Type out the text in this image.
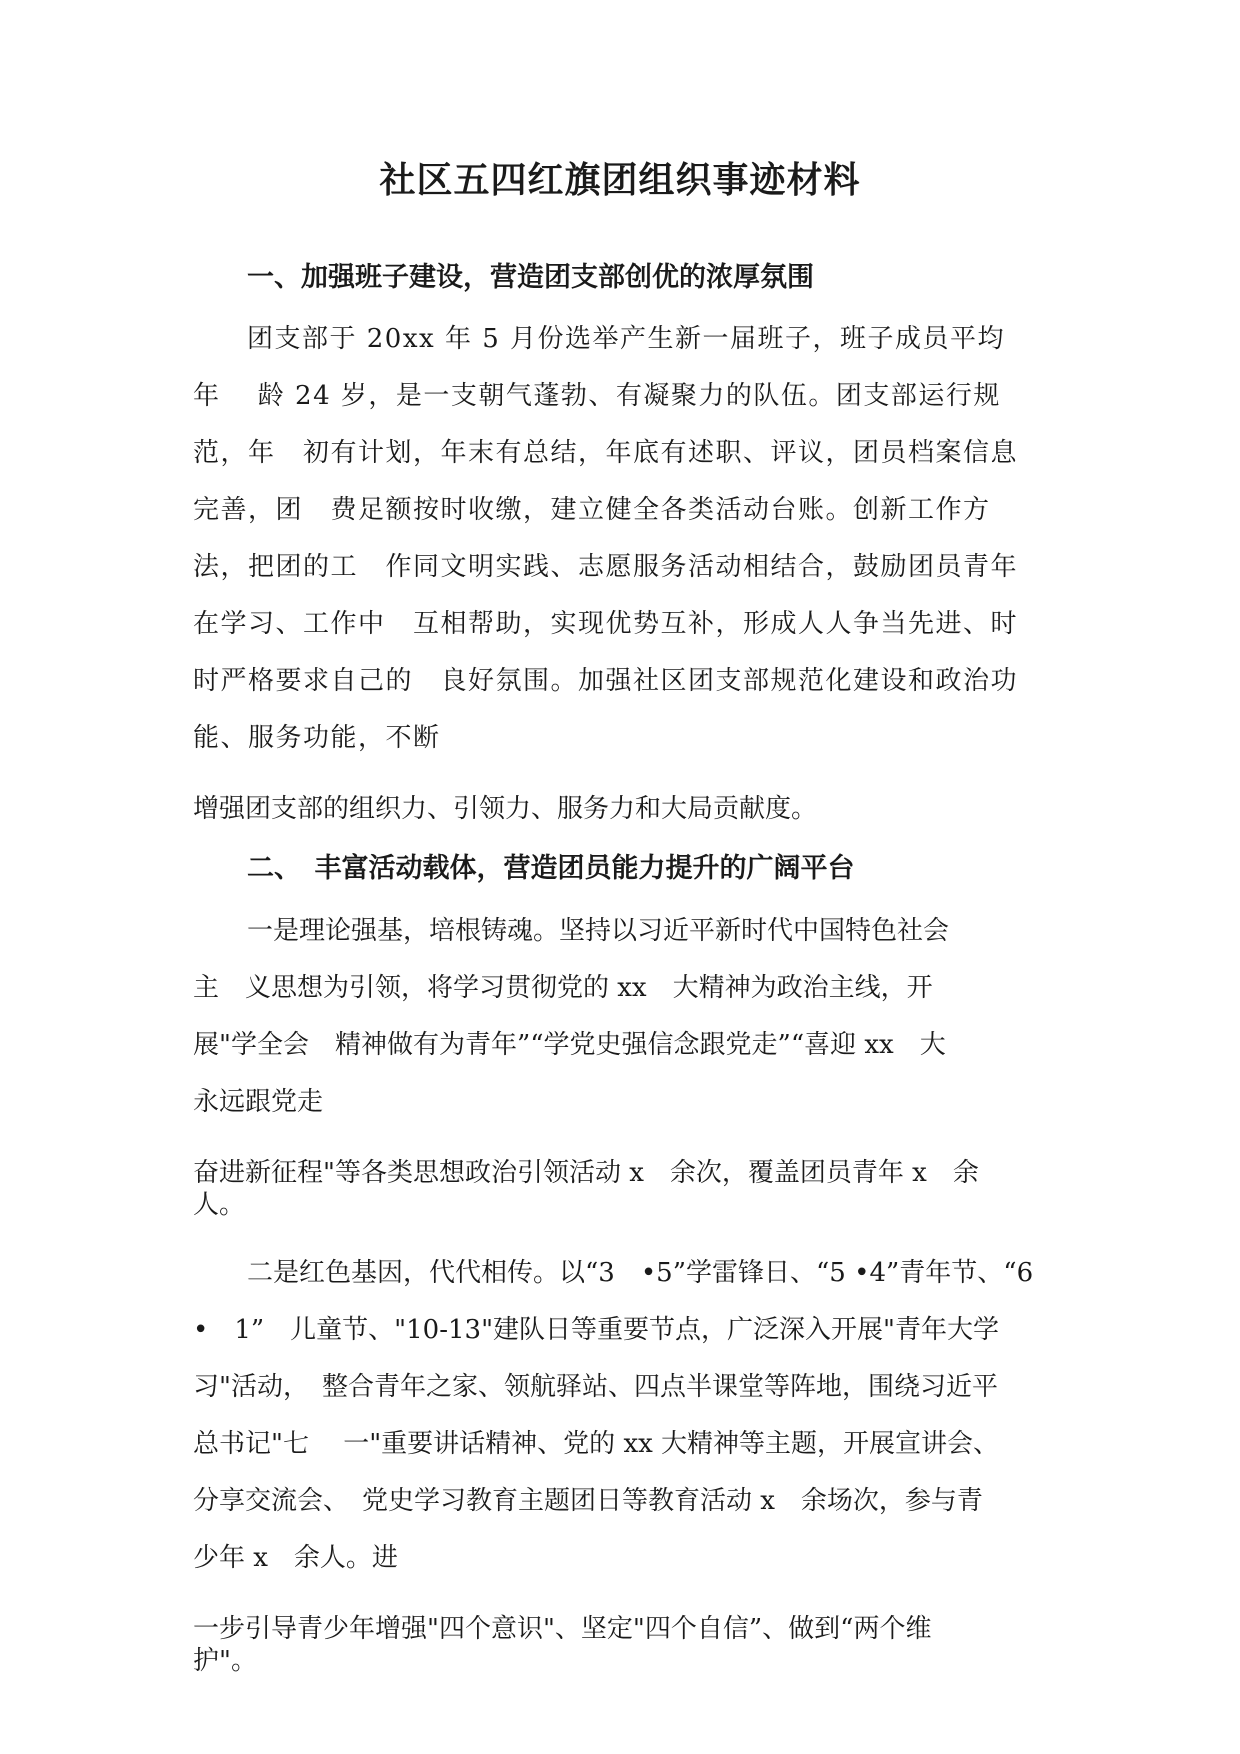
社区五四红旗团组织事迹材料
一、加强班子建设，营造团支部创优的浓厚氛围
团支部于 20xx 年 5 月份选举产生新一届班子，班子成员平均
年　 龄 24 岁，是一支朝气蓬勃、有凝聚力的队伍。团支部运行规
范，年　初有计划，年末有总结，年底有述职、评议，团员档案信息
完善，团　费足额按时收缴，建立健全各类活动台账。创新工作方
法，把团的工　作同文明实践、志愿服务活动相结合，鼓励团员青年
在学习、工作中　互相帮助，实现优势互补，形成人人争当先进、时
时严格要求自己的　良好氛围。加强社区团支部规范化建设和政治功
能、服务功能，不断
增强团支部的组织力、引领力、服务力和大局贡献度。
二、　丰富活动载体，营造团员能力提升的广阔平台
一是理论强基，培根铸魂。坚持以习近平新时代中国特色社会
主　义思想为引领，将学习贯彻党的 xx　大精神为政治主线，开
展"学全会　精神做有为青年”“学党史强信念跟党走”“喜迎 xx　大
永远跟党走
奋进新征程"等各类思想政治引领活动 x　余次，覆盖团员青年 x　余
人。
二是红色基因，代代相传。以“3　•5”学雷锋日、“5 •4”青年节、“6
•　1”　儿童节、"10-13"建队日等重要节点，广泛深入开展"青年大学
习"活动，　整合青年之家、领航驿站、四点半课堂等阵地，围绕习近平
总书记"七　 一"重要讲话精神、党的 xx 大精神等主题，开展宣讲会、
分享交流会、　党史学习教育主题团日等教育活动 x　余场次，参与青
少年 x　余人。进
一步引导青少年增强"四个意识"、坚定"四个自信”、做到“两个维
护"。
